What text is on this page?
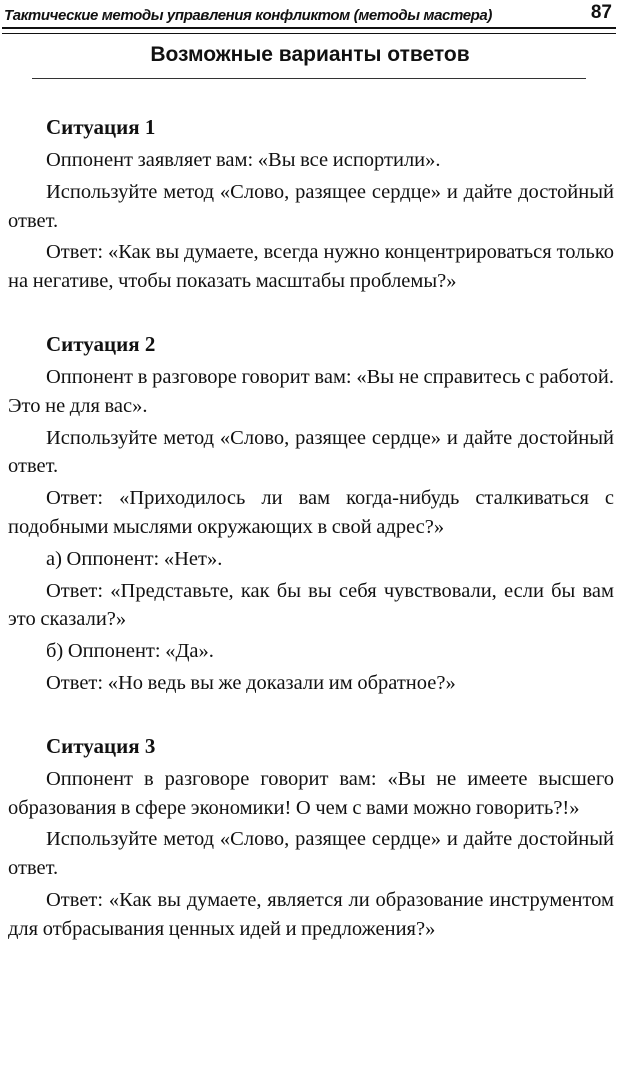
Тактические методы управления конфликтом (методы мастера)	87
Возможные варианты ответов
Ситуация 1

Оппонент заявляет вам: «Вы все испортили».

Используйте метод «Слово, разящее сердце» и дайте достойный ответ.

Ответ: «Как вы думаете, всегда нужно концентрироваться только на негативе, чтобы показать масштабы проблемы?»

Ситуация 2

Оппонент в разговоре говорит вам: «Вы не справитесь с работой. Это не для вас».

Используйте метод «Слово, разящее сердце» и дайте достойный ответ.

Ответ: «Приходилось ли вам когда-нибудь сталкиваться с подобными мыслями окружающих в свой адрес?»

а) Оппонент: «Нет».

Ответ: «Представьте, как бы вы себя чувствовали, если бы вам это сказали?»

б) Оппонент: «Да».

Ответ: «Но ведь вы же доказали им обратное?»

Ситуация 3

Оппонент в разговоре говорит вам: «Вы не имеете высшего образования в сфере экономики! О чем с вами можно говорить?!»

Используйте метод «Слово, разящее сердце» и дайте достойный ответ.

Ответ: «Как вы думаете, является ли образование инструментом для отбрасывания ценных идей и предложения?»
